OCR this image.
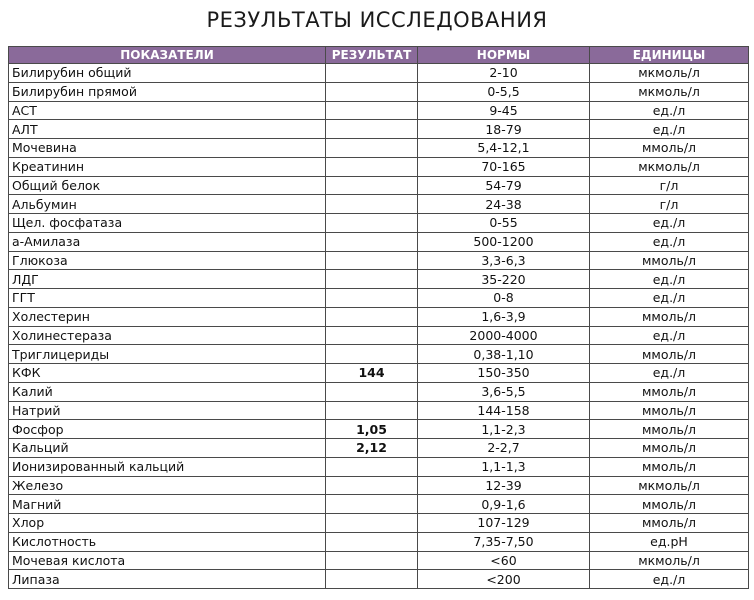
РЕЗУЛЬТАТЫ ИССЛЕДОВАНИЯ
ПОКАЗАТЕЛИ	РЕЗУЛЬТАТ	НОРМЫ	ЕДИНИЦЫ
Билирубин общий		2-10	мкмоль/л
Билирубин прямой		0-5,5	мкмоль/л
АСТ		9-45	ед./л
АЛТ		18-79	ед./л
Мочевина		5,4-12,1	ммоль/л
Креатинин		70-165	мкмоль/л
Общий белок		54-79	г/л
Альбумин		24-38	г/л
Щел. фосфатаза		0-55	ед./л
а-Амилаза		500-1200	ед./л
Глюкоза		3,3-6,3	ммоль/л
ЛДГ		35-220	ед./л
ГГТ		0-8	ед./л
Холестерин		1,6-3,9	ммоль/л
Холинестераза		2000-4000	ед./л
Триглицериды		0,38-1,10	ммоль/л
КФК	144	150-350	ед./л
Калий		3,6-5,5	ммоль/л
Натрий		144-158	ммоль/л
Фосфор	1,05	1,1-2,3	ммоль/л
Кальций	2,12	2-2,7	ммоль/л
Ионизированный кальций		1,1-1,3	ммоль/л
Железо		12-39	мкмоль/л
Магний		0,9-1,6	ммоль/л
Хлор		107-129	ммоль/л
Кислотность		7,35-7,50	ед.рН
Мочевая кислота		<60	мкмоль/л
Липаза		<200	ед./л
